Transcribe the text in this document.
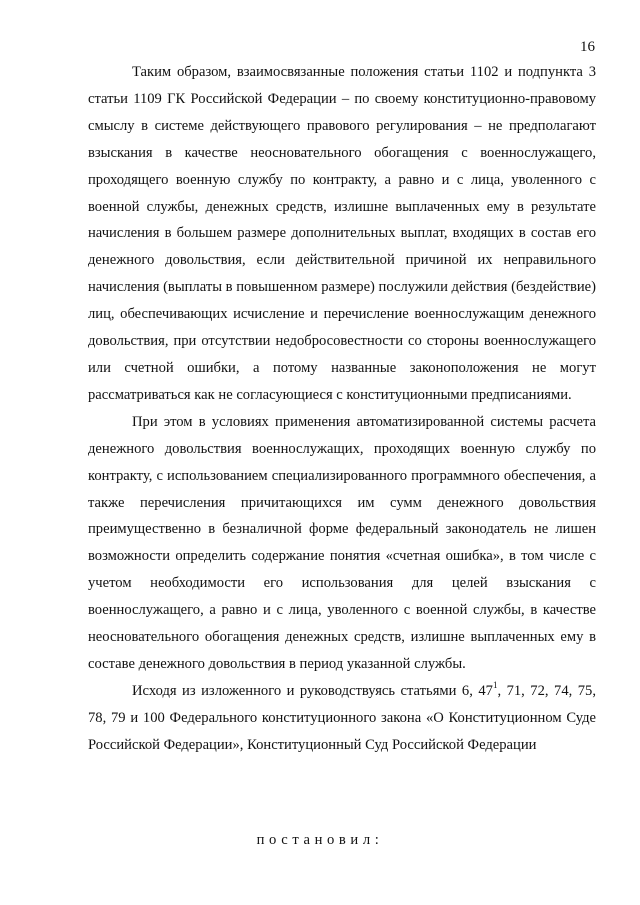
16

Таким образом, взаимосвязанные положения статьи 1102 и подпункта 3 статьи 1109 ГК Российской Федерации – по своему конституционно-правовому смыслу в системе действующего правового регулирования – не предполагают взыскания в качестве неосновательного обогащения с военнослужащего, проходящего военную службу по контракту, а равно и с лица, уволенного с военной службы, денежных средств, излишне выплаченных ему в результате начисления в большем размере дополнительных выплат, входящих в состав его денежного довольствия, если действительной причиной их неправильного начисления (выплаты в повышенном размере) послужили действия (бездействие) лиц, обеспечивающих исчисление и перечисление военнослужащим денежного довольствия, при отсутствии недобросовестности со стороны военнослужащего или счетной ошибки, а потому названные законоположения не могут рассматриваться как не согласующиеся с конституционными предписаниями.

При этом в условиях применения автоматизированной системы расчета денежного довольствия военнослужащих, проходящих военную службу по контракту, с использованием специализированного программного обеспечения, а также перечисления причитающихся им сумм денежного довольствия преимущественно в безналичной форме федеральный законодатель не лишен возможности определить содержание понятия «счетная ошибка», в том числе с учетом необходимости его использования для целей взыскания с военнослужащего, а равно и с лица, уволенного с военной службы, в качестве неосновательного обогащения денежных средств, излишне выплаченных ему в составе денежного довольствия в период указанной службы.

Исходя из изложенного и руководствуясь статьями 6, $47^1$, 71, 72, 74, 75, 78, 79 и 100 Федерального конституционного закона «О Конституционном Суде Российской Федерации», Конституционный Суд Российской Федерации

постановил:
